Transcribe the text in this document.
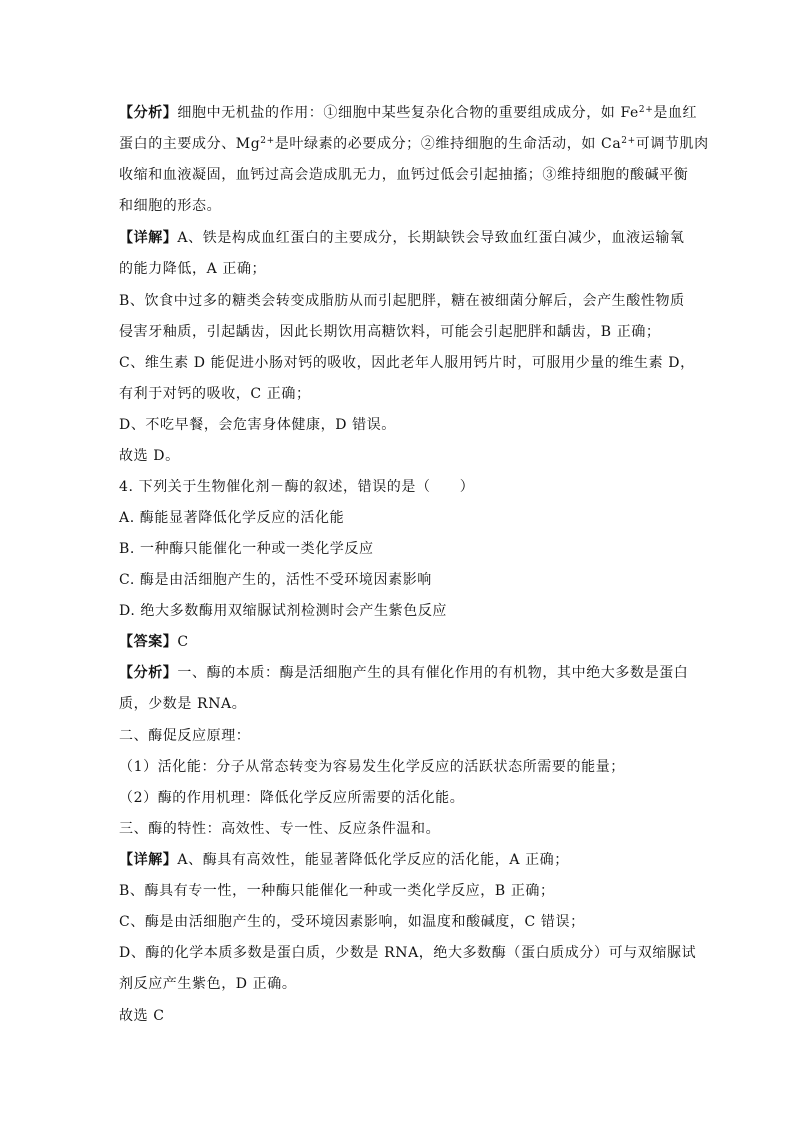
【分析】细胞中无机盐的作用：①细胞中某些复杂化合物的重要组成成分，如 $Fe^{2+}$是血红
蛋白的主要成分、$Mg^{2+}$是叶绿素的必要成分；②维持细胞的生命活动，如 $Ca^{2+}$可调节肌肉
收缩和血液凝固，血钙过高会造成肌无力，血钙过低会引起抽搐；③维持细胞的酸碱平衡
和细胞的形态。
【详解】A、铁是构成血红蛋白的主要成分，长期缺铁会导致血红蛋白减少，血液运输氧
的能力降低，A 正确；
B、饮食中过多的糖类会转变成脂肪从而引起肥胖，糖在被细菌分解后，会产生酸性物质
侵害牙釉质，引起龋齿，因此长期饮用高糖饮料，可能会引起肥胖和龋齿，B 正确；
C、维生素 D 能促进小肠对钙的吸收，因此老年人服用钙片时，可服用少量的维生素 D，
有利于对钙的吸收，C 正确；
D、不吃早餐，会危害身体健康，D 错误。
故选 D。
4. 下列关于生物催化剂－酶的叙述，错误的是（　　）
A. 酶能显著降低化学反应的活化能
B. 一种酶只能催化一种或一类化学反应
C. 酶是由活细胞产生的，活性不受环境因素影响
D. 绝大多数酶用双缩脲试剂检测时会产生紫色反应
【答案】C
【分析】一、酶的本质：酶是活细胞产生的具有催化作用的有机物，其中绝大多数是蛋白
质，少数是 RNA。
二、酶促反应原理：
（1）活化能：分子从常态转变为容易发生化学反应的活跃状态所需要的能量；
（2）酶的作用机理：降低化学反应所需要的活化能。
三、酶的特性：高效性、专一性、反应条件温和。
【详解】A、酶具有高效性，能显著降低化学反应的活化能，A 正确；
B、酶具有专一性，一种酶只能催化一种或一类化学反应，B 正确；
C、酶是由活细胞产生的，受环境因素影响，如温度和酸碱度，C 错误；
D、酶的化学本质多数是蛋白质，少数是 RNA，绝大多数酶（蛋白质成分）可与双缩脲试
剂反应产生紫色，D 正确。
故选 C
